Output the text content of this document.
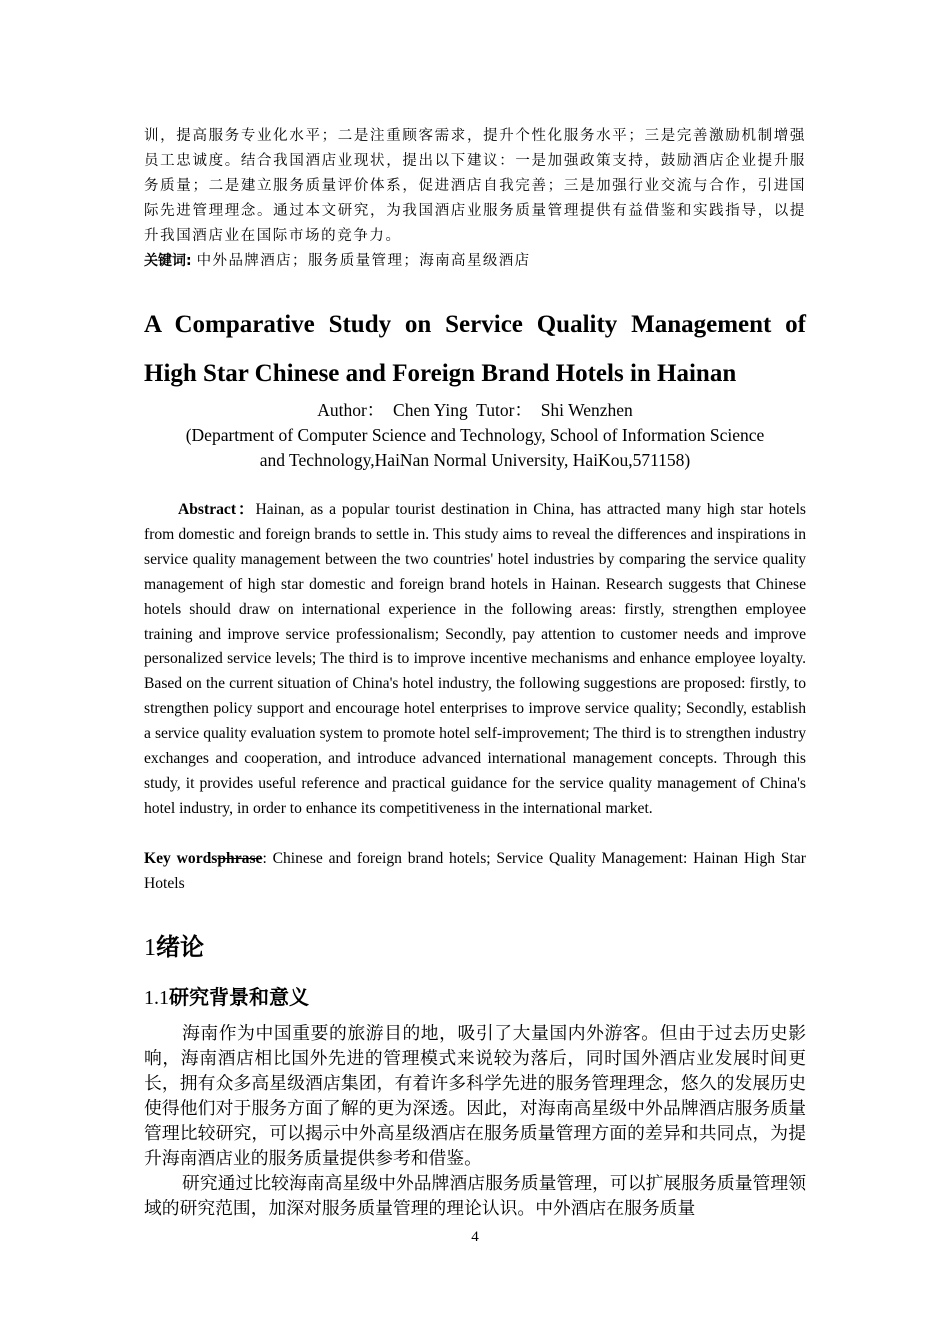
训，提高服务专业化水平；二是注重顾客需求，提升个性化服务水平；三是完善激励机制增强员工忠诚度。结合我国酒店业现状，提出以下建议：一是加强政策支持，鼓励酒店企业提升服务质量；二是建立服务质量评价体系，促进酒店自我完善；三是加强行业交流与合作，引进国际先进管理理念。通过本文研究，为我国酒店业服务质量管理提供有益借鉴和实践指导，以提升我国酒店业在国际市场的竞争力。

关键词: 中外品牌酒店；服务质量管理；海南高星级酒店
A Comparative Study on Service Quality Management of
High Star Chinese and Foreign Brand Hotels in Hainan
Author：  Chen Ying  Tutor：  Shi Wenzhen
(Department of Computer Science and Technology, School of Information Science
and Technology,HaiNan Normal University, HaiKou,571158)

Abstract：Hainan, as a popular tourist destination in China, has attracted many high star hotels from domestic and foreign brands to settle in. This study aims to reveal the differences and inspirations in service quality management between the two countries' hotel industries by comparing the service quality management of high star domestic and foreign brand hotels in Hainan. Research suggests that Chinese hotels should draw on international experience in the following areas: firstly, strengthen employee training and improve service professionalism; Secondly, pay attention to customer needs and improve personalized service levels; The third is to improve incentive mechanisms and enhance employee loyalty. Based on the current situation of China's hotel industry, the following suggestions are proposed: firstly, to strengthen policy support and encourage hotel enterprises to improve service quality; Secondly, establish a service quality evaluation system to promote hotel self-improvement; The third is to strengthen industry exchanges and cooperation, and introduce advanced international management concepts. Through this study, it provides useful reference and practical guidance for the service quality management of China's hotel industry, in order to enhance its competitiveness in the international market.

Key wordsphrase: Chinese and foreign brand hotels; Service Quality Management: Hainan High Star Hotels
1绪论
1.1研究背景和意义

海南作为中国重要的旅游目的地，吸引了大量国内外游客。但由于过去历史影响，海南酒店相比国外先进的管理模式来说较为落后，同时国外酒店业发展时间更长，拥有众多高星级酒店集团，有着许多科学先进的服务管理理念，悠久的发展历史使得他们对于服务方面了解的更为深透。因此，对海南高星级中外品牌酒店服务质量管理比较研究，可以揭示中外高星级酒店在服务质量管理方面的差异和共同点，为提升海南酒店业的服务质量提供参考和借鉴。

研究通过比较海南高星级中外品牌酒店服务质量管理，可以扩展服务质量管理领域的研究范围，加深对服务质量管理的理论认识。中外酒店在服务质量

4
